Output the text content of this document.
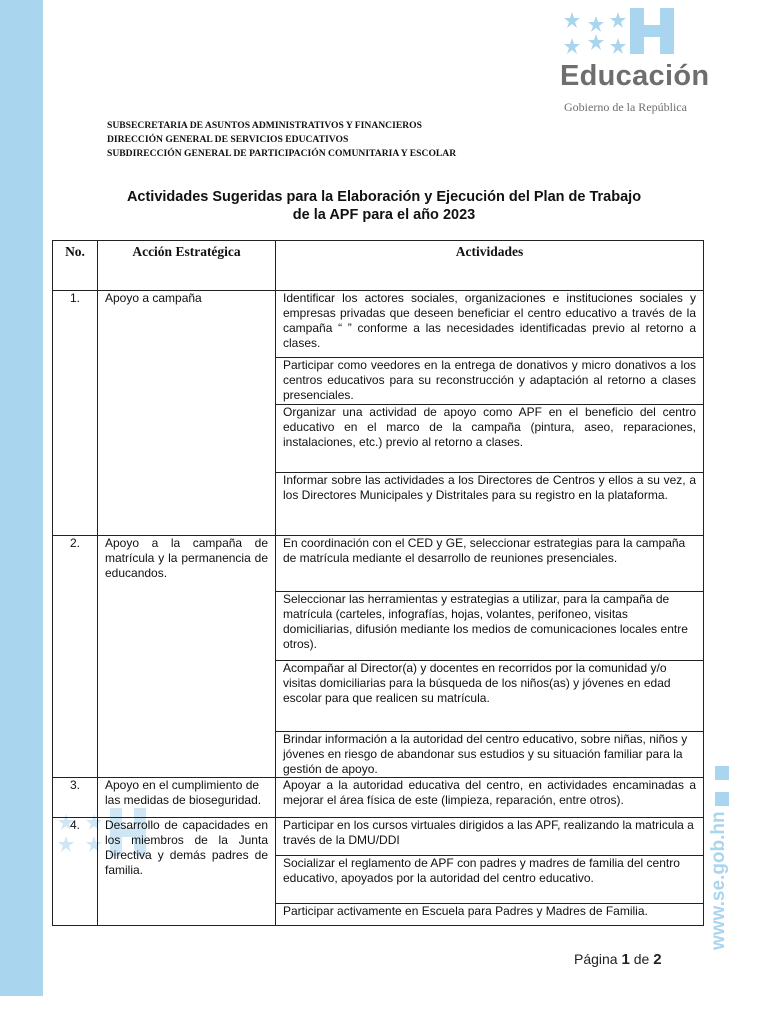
Educación
Gobierno de la República
www.se.gob.hn
SUBSECRETARIA DE ASUNTOS ADMINISTRATIVOS Y FINANCIEROS
DIRECCIÓN GENERAL DE SERVICIOS EDUCATIVOS
SUBDIRECCIÓN GENERAL DE PARTICIPACIÓN COMUNITARIA Y ESCOLAR
Actividades Sugeridas para la Elaboración y Ejecución del Plan de Trabajo
de la APF para el año 2023
No.	Acción Estratégica	Actividades
1.	Apoyo a campaña	Identificar los actores sociales, organizaciones e instituciones sociales y empresas privadas que deseen beneficiar el centro educativo a través de la campaña “ ” conforme a las necesidades identificadas previo al retorno a clases.
		Participar como veedores en la entrega de donativos y micro donativos a los centros educativos para su reconstrucción y adaptación al retorno a clases presenciales.
		Organizar una actividad de apoyo como APF en el beneficio del centro educativo en el marco de la campaña (pintura, aseo, reparaciones, instalaciones, etc.) previo al retorno a clases.
		Informar sobre las actividades a los Directores de Centros y ellos a su vez, a los Directores Municipales y Distritales para su registro en la plataforma.
2.	Apoyo a la campaña de matrícula y la permanencia de educandos.	En coordinación con el CED y GE, seleccionar estrategias para la campaña de matrícula mediante el desarrollo de reuniones presenciales.
		Seleccionar las herramientas y estrategias a utilizar, para la campaña de matrícula (carteles, infografías, hojas, volantes, perifoneo, visitas domiciliarias, difusión mediante los medios de comunicaciones locales entre otros).
		Acompañar al Director(a) y docentes en recorridos por la comunidad y/o visitas domiciliarias para la búsqueda de los niños(as) y jóvenes en edad escolar para que realicen su matrícula.
		Brindar información a la autoridad del centro educativo, sobre niñas, niños y jóvenes en riesgo de abandonar sus estudios y su situación familiar para la gestión de apoyo.
3.	Apoyo en el cumplimiento de las medidas de bioseguridad.	Apoyar a la autoridad educativa del centro, en actividades encaminadas a mejorar el área física de este (limpieza, reparación, entre otros).
4.	Desarrollo de capacidades en los miembros de la Junta Directiva y demás padres de familia.	Participar en los cursos virtuales dirigidos a las APF, realizando la matricula a través de la DMU/DDI
		Socializar el reglamento de APF con padres y madres de familia del centro educativo, apoyados por la autoridad del centro educativo.
		Participar activamente en Escuela para Padres y Madres de Familia.
Página 1 de 2
